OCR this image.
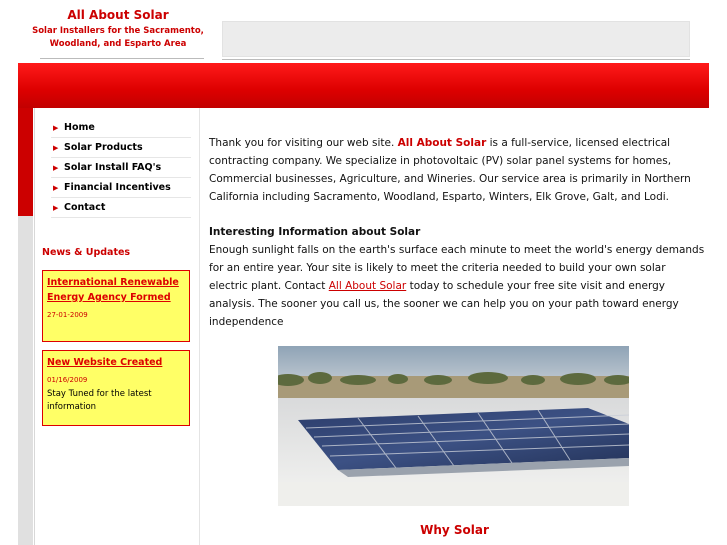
All About Solar
Solar Installers for the Sacramento,
Woodland, and Esparto Area
▶ Home
▶ Solar Products
▶ Solar Install FAQ's
▶ Financial Incentives
▶ Contact
News & Updates
International Renewable Energy Agency Formed
27-01-2009
New Website Created
01/16/2009
Stay Tuned for the latest information

Thank you for visiting our web site. All About Solar is a full-service, licensed electrical contracting company. We specialize in photovoltaic (PV) solar panel systems for homes, Commercial businesses, Agriculture, and Wineries. Our service area is primarily in Northern California including Sacramento, Woodland, Esparto, Winters, Elk Grove, Galt, and Lodi.

Interesting Information about Solar

Enough sunlight falls on the earth's surface each minute to meet the world's energy demands for an entire year. Your site is likely to meet the criteria needed to build your own solar electric plant. Contact All About Solar today to schedule your free site visit and energy analysis. The sooner you call us, the sooner we can help you on your path toward energy independence

Why Solar
